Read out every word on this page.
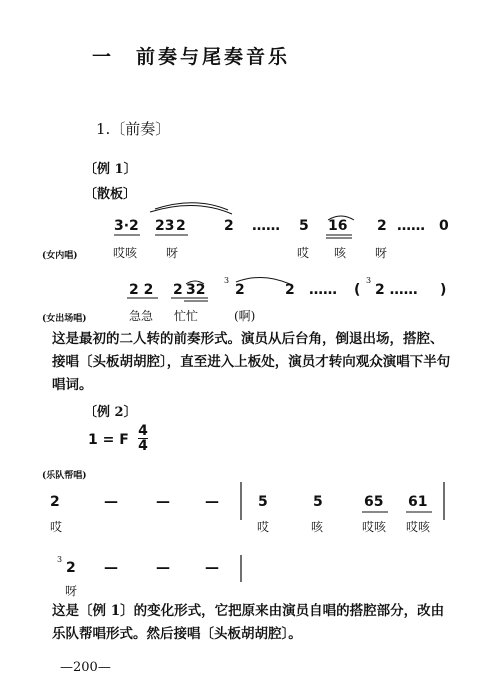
一　前奏与尾奏音乐
1.〔前奏〕
〔例 1〕
〔散板〕
(女内唱)
3·2 23 2	2 …… 5 16 2 …… 0
哎咳 呀	哎 咳 呀
(女出场唱)
2 2 2 32
3
2	2 …… (
3
2 …… )
急急 忙忙	(啊)
这是最初的二人转的前奏形式。演员从后台角，倒退出场，搭腔、接唱〔头板胡胡腔〕，直至进入上板处，演员才转向观众演唱下半句唱词。
〔例 2〕
1 = F
4
4
(乐队帮唱)
2	—	—	—	5	5	65 61
哎	哎	咳	哎咳 哎咳
3
2 —	—	—
呀
这是〔例 1〕的变化形式，它把原来由演员自唱的搭腔部分，改由乐队帮唱形式。然后接唱〔头板胡胡腔〕。
—200—
